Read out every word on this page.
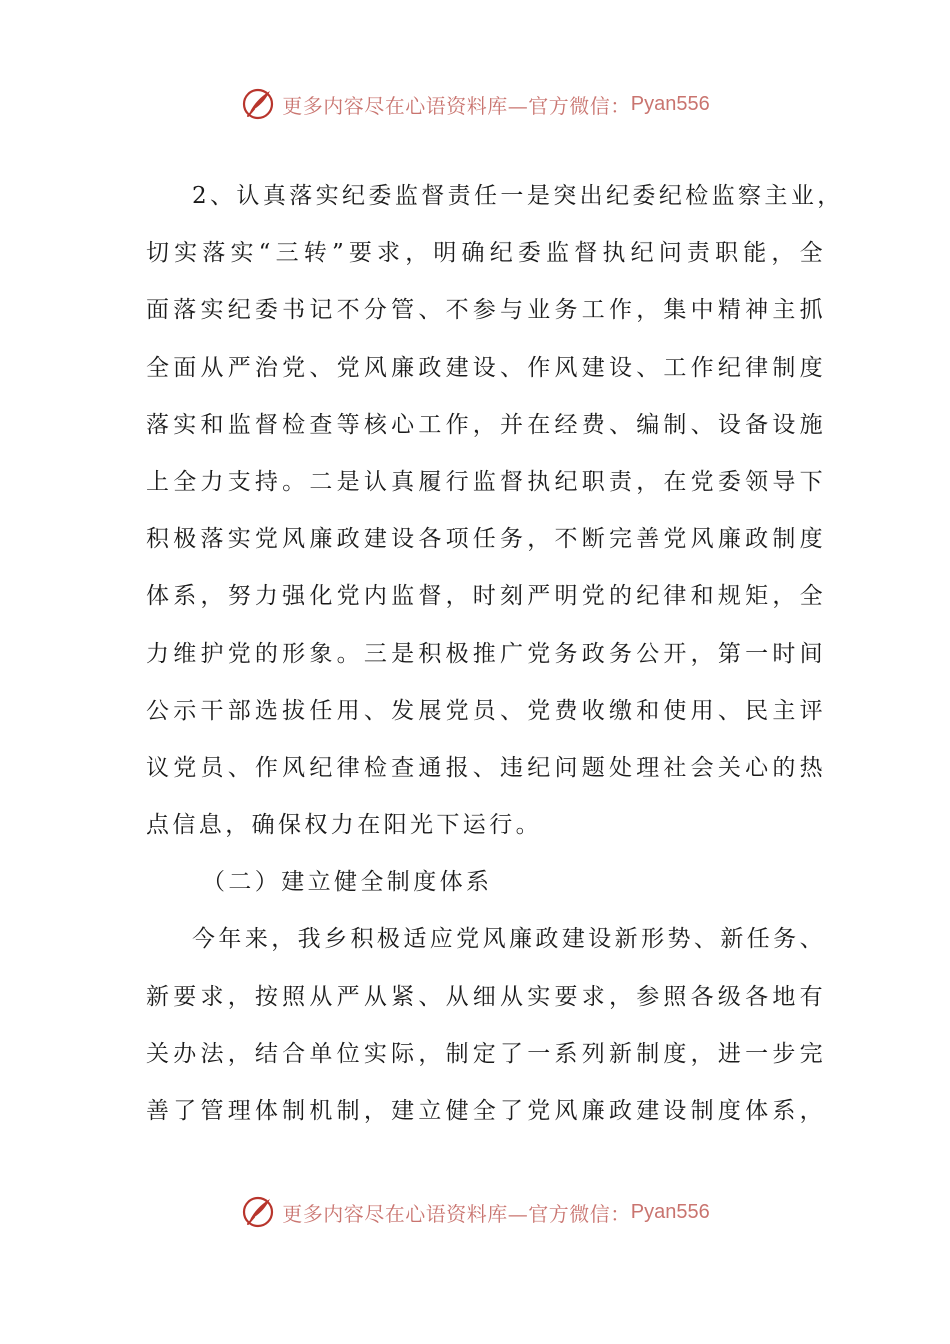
更多内容尽在心语资料库—官方微信： Pyan556
2、认真落实纪委监督责任一是突出纪委纪检监察主业，
切实落实“三转”要求，明确纪委监督执纪问责职能，全
面落实纪委书记不分管、不参与业务工作，集中精神主抓
全面从严治党、党风廉政建设、作风建设、工作纪律制度
落实和监督检查等核心工作，并在经费、编制、设备设施
上全力支持。二是认真履行监督执纪职责，在党委领导下
积极落实党风廉政建设各项任务，不断完善党风廉政制度
体系，努力强化党内监督，时刻严明党的纪律和规矩，全
力维护党的形象。三是积极推广党务政务公开，第一时间
公示干部选拔任用、发展党员、党费收缴和使用、民主评
议党员、作风纪律检查通报、违纪问题处理社会关心的热
点信息，确保权力在阳光下运行。
（二）建立健全制度体系
今年来，我乡积极适应党风廉政建设新形势、新任务、
新要求，按照从严从紧、从细从实要求，参照各级各地有
关办法，结合单位实际，制定了一系列新制度，进一步完
善了管理体制机制，建立健全了党风廉政建设制度体系，
更多内容尽在心语资料库—官方微信： Pyan556
